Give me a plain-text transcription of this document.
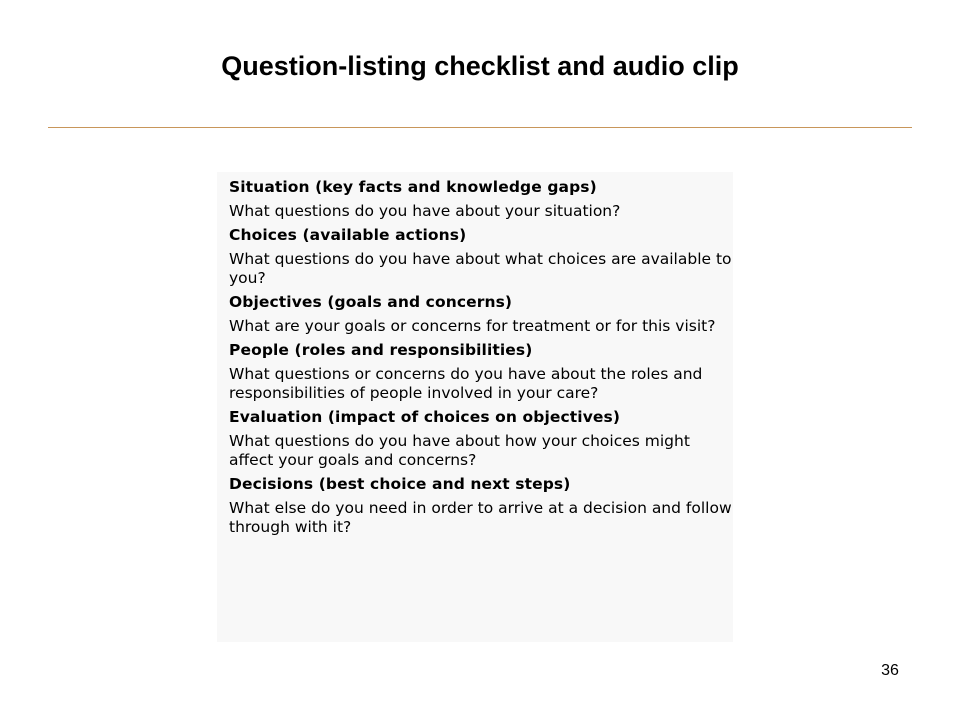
Question-listing checklist and audio clip
Situation (key facts and knowledge gaps)
What questions do you have about your situation?
Choices (available actions)
What questions do you have about what choices are available to you?
Objectives (goals and concerns)
What are your goals or concerns for treatment or for this visit?
People (roles and responsibilities)
What questions or concerns do you have about the roles and responsibilities of people involved in your care?
Evaluation (impact of choices on objectives)
What questions do you have about how your choices might affect your goals and concerns?
Decisions (best choice and next steps)
What else do you need in order to arrive at a decision and follow through with it?
36
